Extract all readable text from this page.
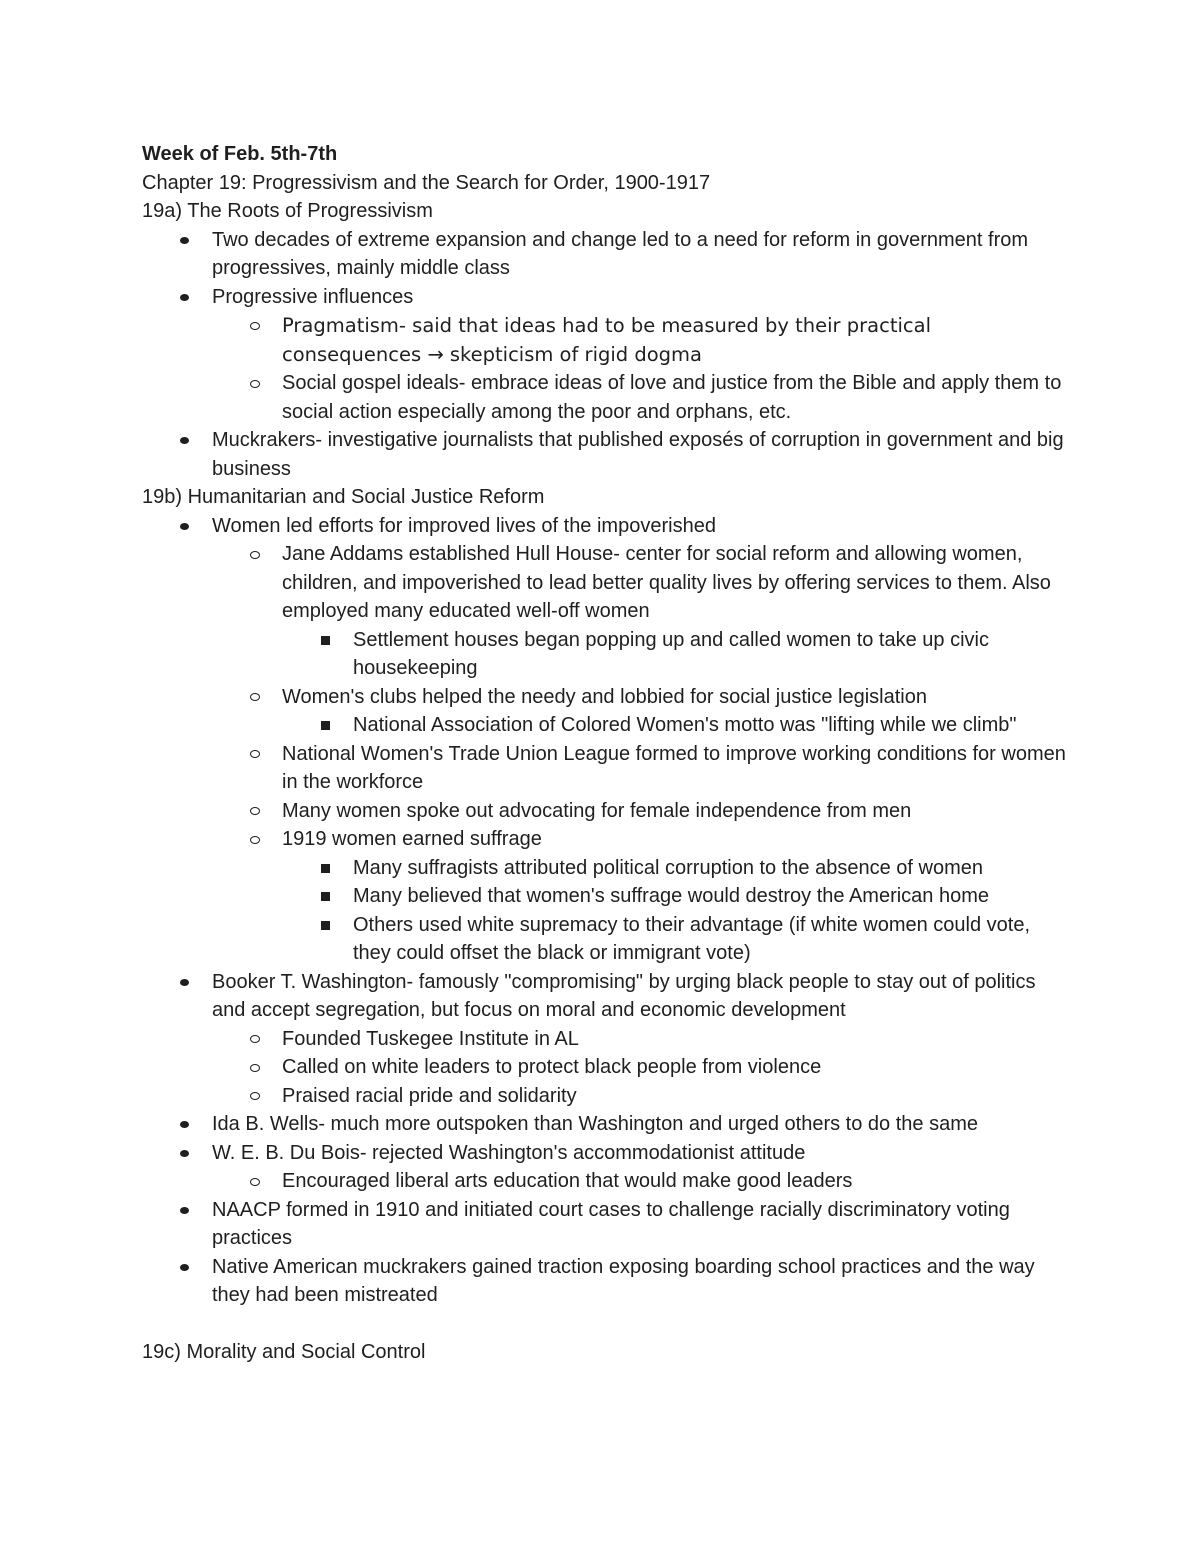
Week of Feb. 5th-7th

Chapter 19: Progressivism and the Search for Order, 1900-1917

19a) The Roots of Progressivism

Two decades of extreme expansion and change led to a need for reform in government from progressives, mainly middle class
Progressive influences
Pragmatism- said that ideas had to be measured by their practical consequences → skepticism of rigid dogma
Social gospel ideals- embrace ideas of love and justice from the Bible and apply them to social action especially among the poor and orphans, etc.
Muckrakers- investigative journalists that published exposés of corruption in government and big business

19b) Humanitarian and Social Justice Reform

Women led efforts for improved lives of the impoverished
Jane Addams established Hull House- center for social reform and allowing women, children, and impoverished to lead better quality lives by offering services to them. Also employed many educated well-off women
Settlement houses began popping up and called women to take up civic housekeeping
Women's clubs helped the needy and lobbied for social justice legislation
National Association of Colored Women's motto was "lifting while we climb"
National Women's Trade Union League formed to improve working conditions for women in the workforce
Many women spoke out advocating for female independence from men
1919 women earned suffrage
Many suffragists attributed political corruption to the absence of women
Many believed that women's suffrage would destroy the American home
Others used white supremacy to their advantage (if white women could vote, they could offset the black or immigrant vote)
Booker T. Washington- famously "compromising" by urging black people to stay out of politics and accept segregation, but focus on moral and economic development
Founded Tuskegee Institute in AL
Called on white leaders to protect black people from violence
Praised racial pride and solidarity
Ida B. Wells- much more outspoken than Washington and urged others to do the same
W. E. B. Du Bois- rejected Washington's accommodationist attitude
Encouraged liberal arts education that would make good leaders
NAACP formed in 1910 and initiated court cases to challenge racially discriminatory voting practices
Native American muckrakers gained traction exposing boarding school practices and the way they had been mistreated

19c) Morality and Social Control
